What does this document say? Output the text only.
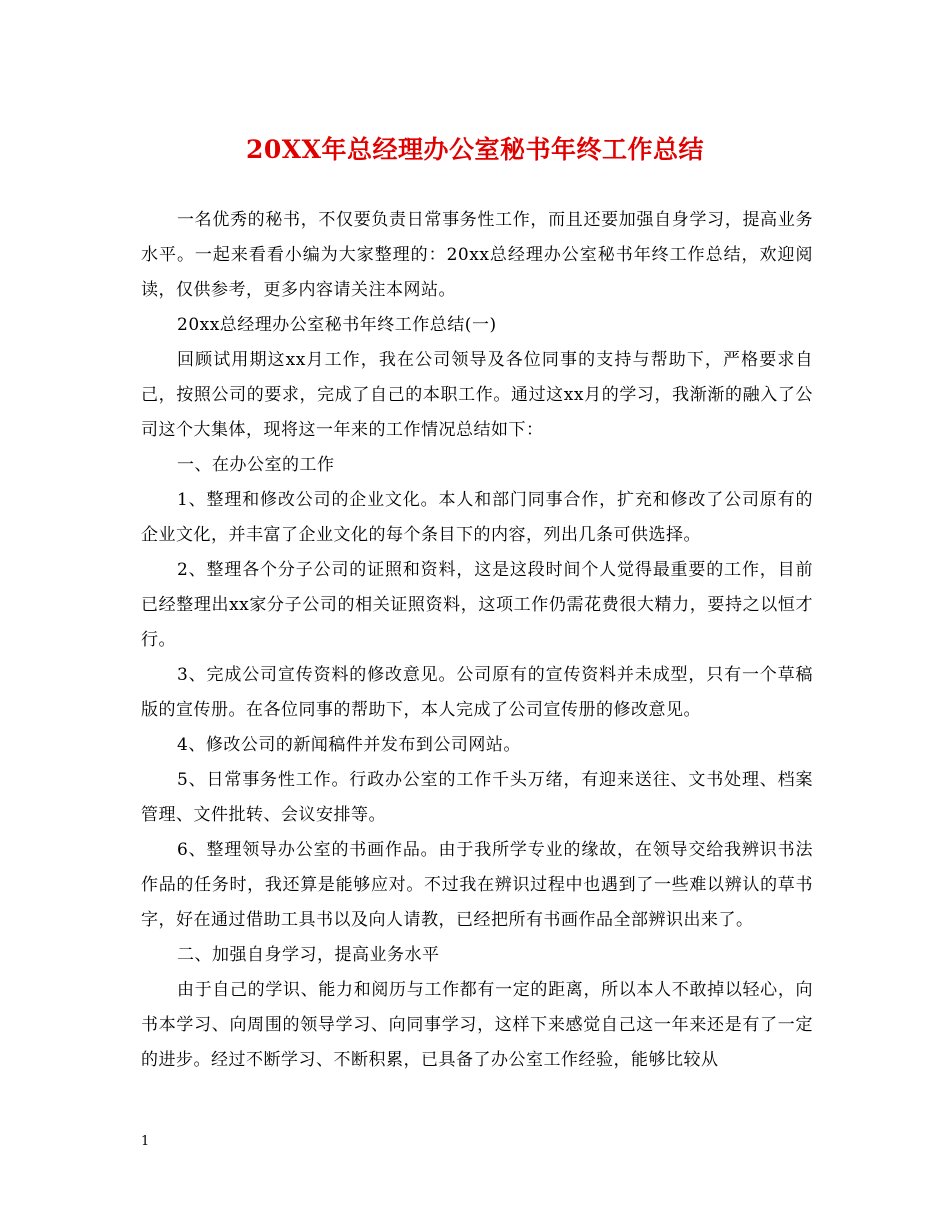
20XX年总经理办公室秘书年终工作总结

一名优秀的秘书，不仅要负责日常事务性工作，而且还要加强自身学习，提高业务水平。一起来看看小编为大家整理的：20xx总经理办公室秘书年终工作总结，欢迎阅读，仅供参考，更多内容请关注本网站。

20xx总经理办公室秘书年终工作总结(一)

回顾试用期这xx月工作，我在公司领导及各位同事的支持与帮助下，严格要求自己，按照公司的要求，完成了自己的本职工作。通过这xx月的学习，我渐渐的融入了公司这个大集体，现将这一年来的工作情况总结如下：

一、在办公室的工作

1、整理和修改公司的企业文化。本人和部门同事合作，扩充和修改了公司原有的企业文化，并丰富了企业文化的每个条目下的内容，列出几条可供选择。

2、整理各个分子公司的证照和资料，这是这段时间个人觉得最重要的工作，目前已经整理出xx家分子公司的相关证照资料，这项工作仍需花费很大精力，要持之以恒才行。

3、完成公司宣传资料的修改意见。公司原有的宣传资料并未成型，只有一个草稿版的宣传册。在各位同事的帮助下，本人完成了公司宣传册的修改意见。

4、修改公司的新闻稿件并发布到公司网站。

5、日常事务性工作。行政办公室的工作千头万绪，有迎来送往、文书处理、档案管理、文件批转、会议安排等。

6、整理领导办公室的书画作品。由于我所学专业的缘故，在领导交给我辨识书法作品的任务时，我还算是能够应对。不过我在辨识过程中也遇到了一些难以辨认的草书字，好在通过借助工具书以及向人请教，已经把所有书画作品全部辨识出来了。

二、加强自身学习，提高业务水平

由于自己的学识、能力和阅历与工作都有一定的距离，所以本人不敢掉以轻心，向书本学习、向周围的领导学习、向同事学习，这样下来感觉自己这一年来还是有了一定的进步。经过不断学习、不断积累，已具备了办公室工作经验，能够比较从

1
